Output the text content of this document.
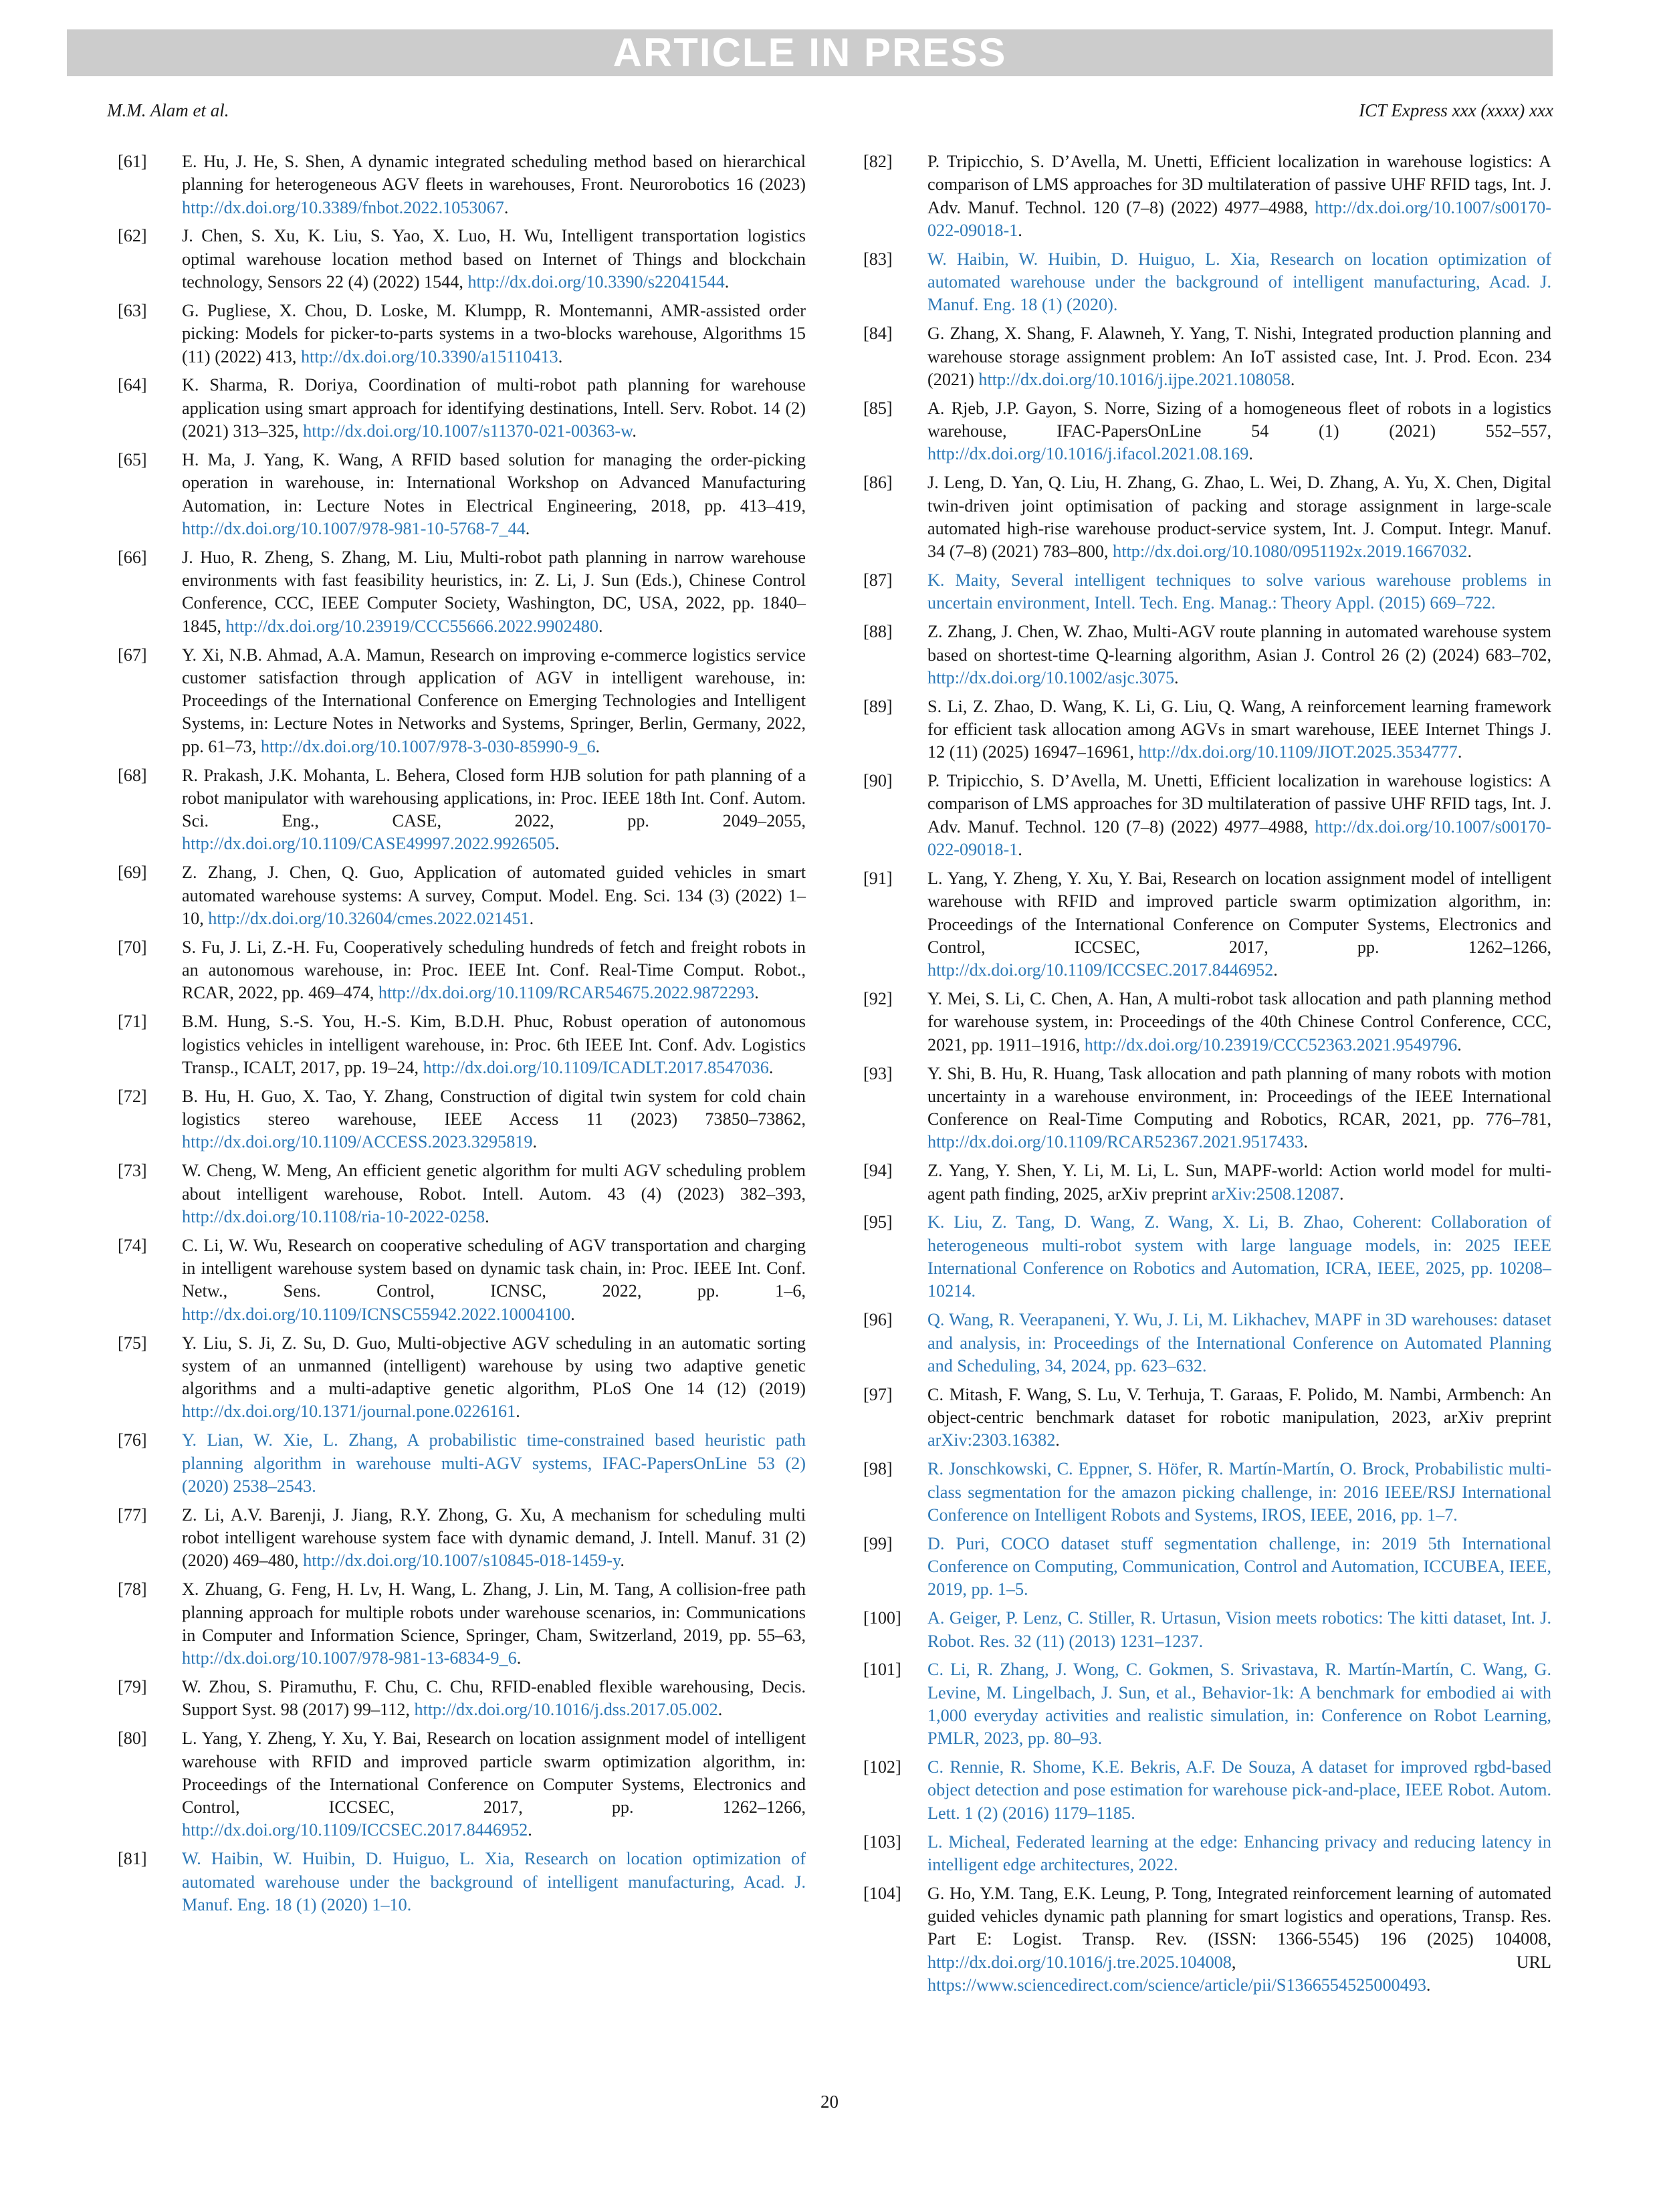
ARTICLE IN PRESS
M.M. Alam et al.	ICT Express xxx (xxxx) xxx
[61] E. Hu, J. He, S. Shen, A dynamic integrated scheduling method based on hierarchical planning for heterogeneous AGV fleets in warehouses, Front. Neurorobotics 16 (2023) http://dx.doi.org/10.3389/fnbot.2022.1053067.
[62] J. Chen, S. Xu, K. Liu, S. Yao, X. Luo, H. Wu, Intelligent transportation logistics optimal warehouse location method based on Internet of Things and blockchain technology, Sensors 22 (4) (2022) 1544, http://dx.doi.org/10.3390/s22041544.
[63] G. Pugliese, X. Chou, D. Loske, M. Klumpp, R. Montemanni, AMR-assisted order picking: Models for picker-to-parts systems in a two-blocks warehouse, Algorithms 15 (11) (2022) 413, http://dx.doi.org/10.3390/a15110413.
[64] K. Sharma, R. Doriya, Coordination of multi-robot path planning for warehouse application using smart approach for identifying destinations, Intell. Serv. Robot. 14 (2) (2021) 313–325, http://dx.doi.org/10.1007/s11370-021-00363-w.
[65] H. Ma, J. Yang, K. Wang, A RFID based solution for managing the order-picking operation in warehouse, in: International Workshop on Advanced Manufacturing Automation, in: Lecture Notes in Electrical Engineering, 2018, pp. 413–419, http://dx.doi.org/10.1007/978-981-10-5768-7_44.
[66] J. Huo, R. Zheng, S. Zhang, M. Liu, Multi-robot path planning in narrow warehouse environments with fast feasibility heuristics, in: Z. Li, J. Sun (Eds.), Chinese Control Conference, CCC, IEEE Computer Society, Washington, DC, USA, 2022, pp. 1840–1845, http://dx.doi.org/10.23919/CCC55666.2022.9902480.
[67] Y. Xi, N.B. Ahmad, A.A. Mamun, Research on improving e-commerce logistics service customer satisfaction through application of AGV in intelligent warehouse, in: Proceedings of the International Conference on Emerging Technologies and Intelligent Systems, in: Lecture Notes in Networks and Systems, Springer, Berlin, Germany, 2022, pp. 61–73, http://dx.doi.org/10.1007/978-3-030-85990-9_6.
[68] R. Prakash, J.K. Mohanta, L. Behera, Closed form HJB solution for path planning of a robot manipulator with warehousing applications, in: Proc. IEEE 18th Int. Conf. Autom. Sci. Eng., CASE, 2022, pp. 2049–2055, http://dx.doi.org/10.1109/CASE49997.2022.9926505.
[69] Z. Zhang, J. Chen, Q. Guo, Application of automated guided vehicles in smart automated warehouse systems: A survey, Comput. Model. Eng. Sci. 134 (3) (2022) 1–10, http://dx.doi.org/10.32604/cmes.2022.021451.
[70] S. Fu, J. Li, Z.-H. Fu, Cooperatively scheduling hundreds of fetch and freight robots in an autonomous warehouse, in: Proc. IEEE Int. Conf. Real-Time Comput. Robot., RCAR, 2022, pp. 469–474, http://dx.doi.org/10.1109/RCAR54675.2022.9872293.
[71] B.M. Hung, S.-S. You, H.-S. Kim, B.D.H. Phuc, Robust operation of autonomous logistics vehicles in intelligent warehouse, in: Proc. 6th IEEE Int. Conf. Adv. Logistics Transp., ICALT, 2017, pp. 19–24, http://dx.doi.org/10.1109/ICADLT.2017.8547036.
[72] B. Hu, H. Guo, X. Tao, Y. Zhang, Construction of digital twin system for cold chain logistics stereo warehouse, IEEE Access 11 (2023) 73850–73862, http://dx.doi.org/10.1109/ACCESS.2023.3295819.
[73] W. Cheng, W. Meng, An efficient genetic algorithm for multi AGV scheduling problem about intelligent warehouse, Robot. Intell. Autom. 43 (4) (2023) 382–393, http://dx.doi.org/10.1108/ria-10-2022-0258.
[74] C. Li, W. Wu, Research on cooperative scheduling of AGV transportation and charging in intelligent warehouse system based on dynamic task chain, in: Proc. IEEE Int. Conf. Netw., Sens. Control, ICNSC, 2022, pp. 1–6, http://dx.doi.org/10.1109/ICNSC55942.2022.10004100.
[75] Y. Liu, S. Ji, Z. Su, D. Guo, Multi-objective AGV scheduling in an automatic sorting system of an unmanned (intelligent) warehouse by using two adaptive genetic algorithms and a multi-adaptive genetic algorithm, PLoS One 14 (12) (2019) http://dx.doi.org/10.1371/journal.pone.0226161.
[76] Y. Lian, W. Xie, L. Zhang, A probabilistic time-constrained based heuristic path planning algorithm in warehouse multi-AGV systems, IFAC-PapersOnLine 53 (2) (2020) 2538–2543.
[77] Z. Li, A.V. Barenji, J. Jiang, R.Y. Zhong, G. Xu, A mechanism for scheduling multi robot intelligent warehouse system face with dynamic demand, J. Intell. Manuf. 31 (2) (2020) 469–480, http://dx.doi.org/10.1007/s10845-018-1459-y.
[78] X. Zhuang, G. Feng, H. Lv, H. Wang, L. Zhang, J. Lin, M. Tang, A collision-free path planning approach for multiple robots under warehouse scenarios, in: Communications in Computer and Information Science, Springer, Cham, Switzerland, 2019, pp. 55–63, http://dx.doi.org/10.1007/978-981-13-6834-9_6.
[79] W. Zhou, S. Piramuthu, F. Chu, C. Chu, RFID-enabled flexible warehousing, Decis. Support Syst. 98 (2017) 99–112, http://dx.doi.org/10.1016/j.dss.2017.05.002.
[80] L. Yang, Y. Zheng, Y. Xu, Y. Bai, Research on location assignment model of intelligent warehouse with RFID and improved particle swarm optimization algorithm, in: Proceedings of the International Conference on Computer Systems, Electronics and Control, ICCSEC, 2017, pp. 1262–1266, http://dx.doi.org/10.1109/ICCSEC.2017.8446952.
[81] W. Haibin, W. Huibin, D. Huiguo, L. Xia, Research on location optimization of automated warehouse under the background of intelligent manufacturing, Acad. J. Manuf. Eng. 18 (1) (2020) 1–10.
[82] P. Tripicchio, S. D’Avella, M. Unetti, Efficient localization in warehouse logistics: A comparison of LMS approaches for 3D multilateration of passive UHF RFID tags, Int. J. Adv. Manuf. Technol. 120 (7–8) (2022) 4977–4988, http://dx.doi.org/10.1007/s00170-022-09018-1.
[83] W. Haibin, W. Huibin, D. Huiguo, L. Xia, Research on location optimization of automated warehouse under the background of intelligent manufacturing, Acad. J. Manuf. Eng. 18 (1) (2020).
[84] G. Zhang, X. Shang, F. Alawneh, Y. Yang, T. Nishi, Integrated production planning and warehouse storage assignment problem: An IoT assisted case, Int. J. Prod. Econ. 234 (2021) http://dx.doi.org/10.1016/j.ijpe.2021.108058.
[85] A. Rjeb, J.P. Gayon, S. Norre, Sizing of a homogeneous fleet of robots in a logistics warehouse, IFAC-PapersOnLine 54 (1) (2021) 552–557, http://dx.doi.org/10.1016/j.ifacol.2021.08.169.
[86] J. Leng, D. Yan, Q. Liu, H. Zhang, G. Zhao, L. Wei, D. Zhang, A. Yu, X. Chen, Digital twin-driven joint optimisation of packing and storage assignment in large-scale automated high-rise warehouse product-service system, Int. J. Comput. Integr. Manuf. 34 (7–8) (2021) 783–800, http://dx.doi.org/10.1080/0951192x.2019.1667032.
[87] K. Maity, Several intelligent techniques to solve various warehouse problems in uncertain environment, Intell. Tech. Eng. Manag.: Theory Appl. (2015) 669–722.
[88] Z. Zhang, J. Chen, W. Zhao, Multi-AGV route planning in automated warehouse system based on shortest-time Q-learning algorithm, Asian J. Control 26 (2) (2024) 683–702, http://dx.doi.org/10.1002/asjc.3075.
[89] S. Li, Z. Zhao, D. Wang, K. Li, G. Liu, Q. Wang, A reinforcement learning framework for efficient task allocation among AGVs in smart warehouse, IEEE Internet Things J. 12 (11) (2025) 16947–16961, http://dx.doi.org/10.1109/JIOT.2025.3534777.
[90] P. Tripicchio, S. D’Avella, M. Unetti, Efficient localization in warehouse logistics: A comparison of LMS approaches for 3D multilateration of passive UHF RFID tags, Int. J. Adv. Manuf. Technol. 120 (7–8) (2022) 4977–4988, http://dx.doi.org/10.1007/s00170-022-09018-1.
[91] L. Yang, Y. Zheng, Y. Xu, Y. Bai, Research on location assignment model of intelligent warehouse with RFID and improved particle swarm optimization algorithm, in: Proceedings of the International Conference on Computer Systems, Electronics and Control, ICCSEC, 2017, pp. 1262–1266, http://dx.doi.org/10.1109/ICCSEC.2017.8446952.
[92] Y. Mei, S. Li, C. Chen, A. Han, A multi-robot task allocation and path planning method for warehouse system, in: Proceedings of the 40th Chinese Control Conference, CCC, 2021, pp. 1911–1916, http://dx.doi.org/10.23919/CCC52363.2021.9549796.
[93] Y. Shi, B. Hu, R. Huang, Task allocation and path planning of many robots with motion uncertainty in a warehouse environment, in: Proceedings of the IEEE International Conference on Real-Time Computing and Robotics, RCAR, 2021, pp. 776–781, http://dx.doi.org/10.1109/RCAR52367.2021.9517433.
[94] Z. Yang, Y. Shen, Y. Li, M. Li, L. Sun, MAPF-world: Action world model for multi-agent path finding, 2025, arXiv preprint arXiv:2508.12087.
[95] K. Liu, Z. Tang, D. Wang, Z. Wang, X. Li, B. Zhao, Coherent: Collaboration of heterogeneous multi-robot system with large language models, in: 2025 IEEE International Conference on Robotics and Automation, ICRA, IEEE, 2025, pp. 10208–10214.
[96] Q. Wang, R. Veerapaneni, Y. Wu, J. Li, M. Likhachev, MAPF in 3D warehouses: dataset and analysis, in: Proceedings of the International Conference on Automated Planning and Scheduling, 34, 2024, pp. 623–632.
[97] C. Mitash, F. Wang, S. Lu, V. Terhuja, T. Garaas, F. Polido, M. Nambi, Armbench: An object-centric benchmark dataset for robotic manipulation, 2023, arXiv preprint arXiv:2303.16382.
[98] R. Jonschkowski, C. Eppner, S. Höfer, R. Martín-Martín, O. Brock, Probabilistic multi-class segmentation for the amazon picking challenge, in: 2016 IEEE/RSJ International Conference on Intelligent Robots and Systems, IROS, IEEE, 2016, pp. 1–7.
[99] D. Puri, COCO dataset stuff segmentation challenge, in: 2019 5th International Conference on Computing, Communication, Control and Automation, ICCUBEA, IEEE, 2019, pp. 1–5.
[100] A. Geiger, P. Lenz, C. Stiller, R. Urtasun, Vision meets robotics: The kitti dataset, Int. J. Robot. Res. 32 (11) (2013) 1231–1237.
[101] C. Li, R. Zhang, J. Wong, C. Gokmen, S. Srivastava, R. Martín-Martín, C. Wang, G. Levine, M. Lingelbach, J. Sun, et al., Behavior-1k: A benchmark for embodied ai with 1,000 everyday activities and realistic simulation, in: Conference on Robot Learning, PMLR, 2023, pp. 80–93.
[102] C. Rennie, R. Shome, K.E. Bekris, A.F. De Souza, A dataset for improved rgbd-based object detection and pose estimation for warehouse pick-and-place, IEEE Robot. Autom. Lett. 1 (2) (2016) 1179–1185.
[103] L. Micheal, Federated learning at the edge: Enhancing privacy and reducing latency in intelligent edge architectures, 2022.
[104] G. Ho, Y.M. Tang, E.K. Leung, P. Tong, Integrated reinforcement learning of automated guided vehicles dynamic path planning for smart logistics and operations, Transp. Res. Part E: Logist. Transp. Rev. (ISSN: 1366-5545) 196 (2025) 104008, http://dx.doi.org/10.1016/j.tre.2025.104008, URL https://www.sciencedirect.com/science/article/pii/S1366554525000493.
20
